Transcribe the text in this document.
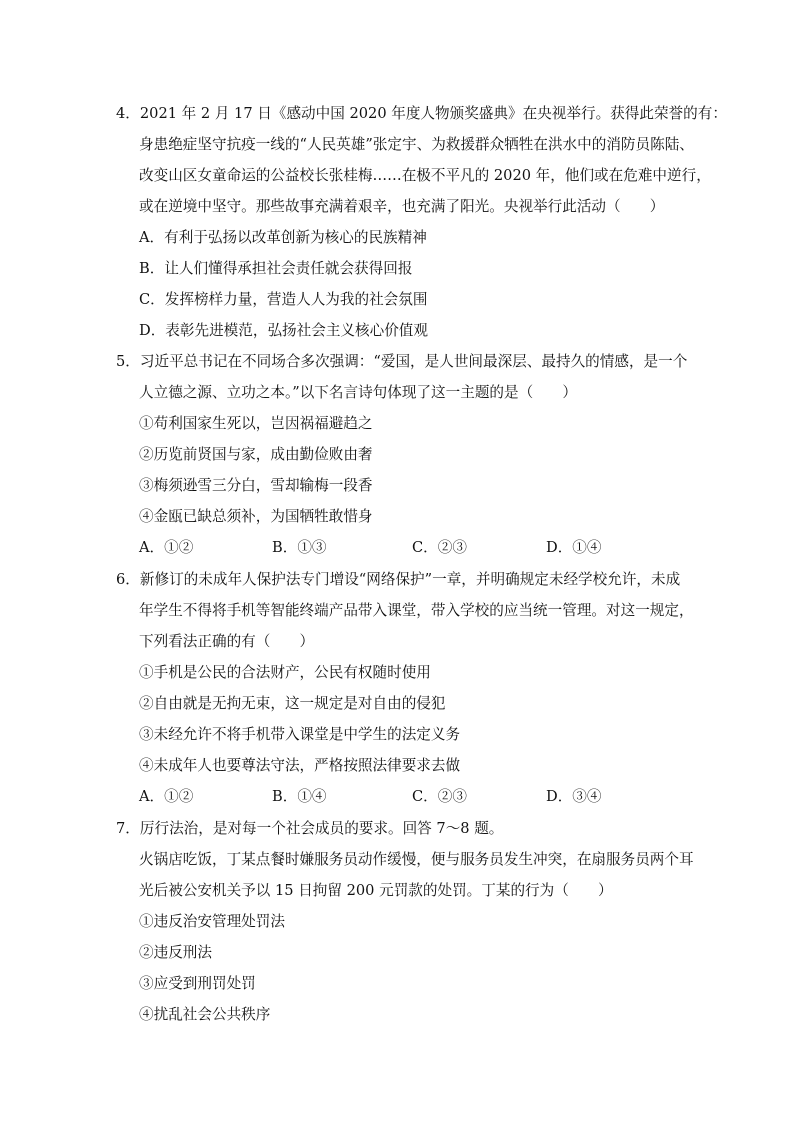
4．2021 年 2 月 17 日《感动中国 2020 年度人物颁奖盛典》在央视举行。获得此荣誉的有：
身患绝症坚守抗疫一线的“人民英雄”张定宇、为救援群众牺牲在洪水中的消防员陈陆、
改变山区女童命运的公益校长张桂梅……在极不平凡的 2020 年，他们或在危难中逆行，
或在逆境中坚守。那些故事充满着艰辛，也充满了阳光。央视举行此活动（　　）
A．有利于弘扬以改革创新为核心的民族精神
B．让人们懂得承担社会责任就会获得回报
C．发挥榜样力量，营造人人为我的社会氛围
D．表彰先进模范，弘扬社会主义核心价值观
5．习近平总书记在不同场合多次强调：“爱国，是人世间最深层、最持久的情感，是一个
人立德之源、立功之本。”以下名言诗句体现了这一主题的是（　　）
①苟利国家生死以，岂因祸福避趋之
②历览前贤国与家，成由勤俭败由奢
③梅须逊雪三分白，雪却输梅一段香
④金瓯已缺总须补，为国牺牲敢惜身
A．①②	B．①③	C．②③	D．①④
6．新修订的未成年人保护法专门增设“网络保护”一章，并明确规定未经学校允许，未成
年学生不得将手机等智能终端产品带入课堂，带入学校的应当统一管理。对这一规定，
下列看法正确的有（　　）
①手机是公民的合法财产，公民有权随时使用
②自由就是无拘无束，这一规定是对自由的侵犯
③未经允许不将手机带入课堂是中学生的法定义务
④未成年人也要尊法守法，严格按照法律要求去做
A．①②	B．①④	C．②③	D．③④
7．厉行法治，是对每一个社会成员的要求。回答 7～8 题。
火锅店吃饭，丁某点餐时嫌服务员动作缓慢，便与服务员发生冲突，在扇服务员两个耳
光后被公安机关予以 15 日拘留 200 元罚款的处罚。丁某的行为（　　）
①违反治安管理处罚法
②违反刑法
③应受到刑罚处罚
④扰乱社会公共秩序
